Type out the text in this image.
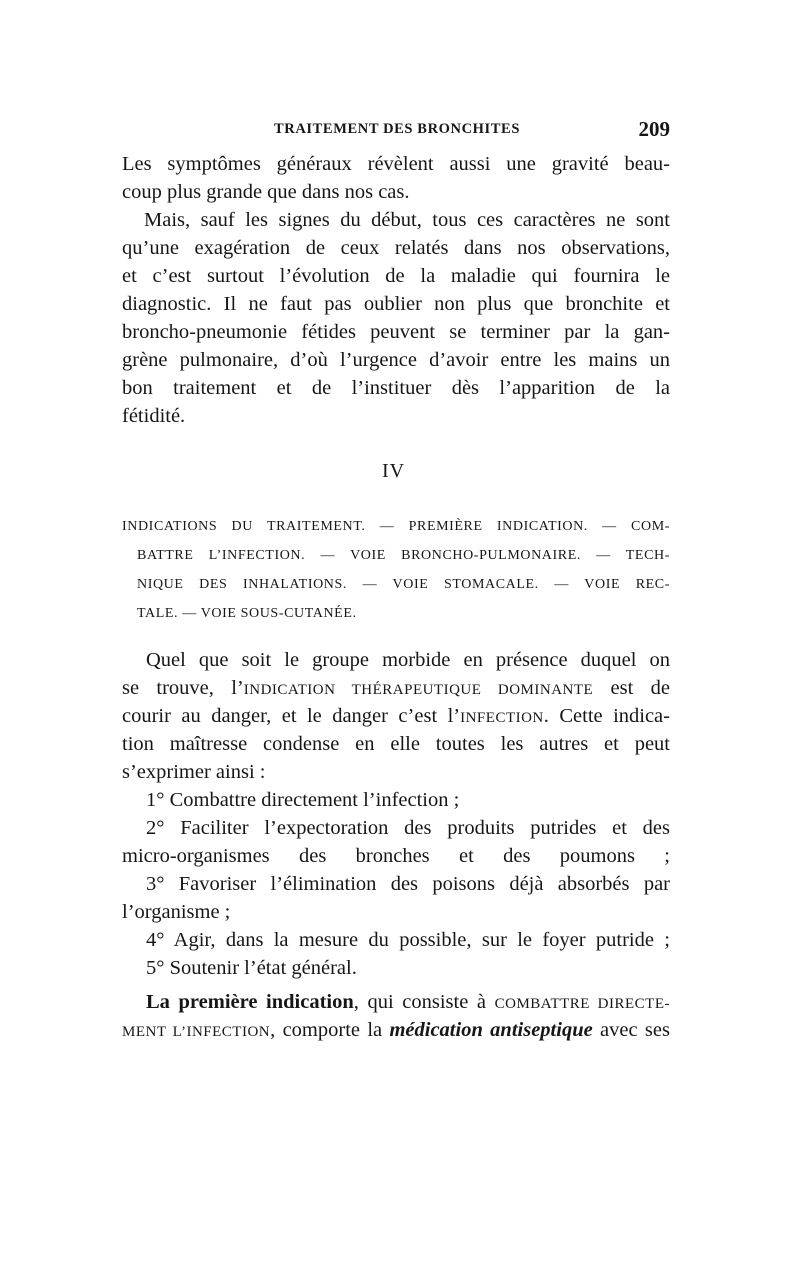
TRAITEMENT DES BRONCHITES	209
Les symptômes généraux révèlent aussi une gravité beau-
coup plus grande que dans nos cas.
Mais, sauf les signes du début, tous ces caractères ne sont
qu’une exagération de ceux relatés dans nos observations,
et c’est surtout l’évolution de la maladie qui fournira le
diagnostic. Il ne faut pas oublier non plus que bronchite et
broncho-pneumonie fétides peuvent se terminer par la gan-
grène pulmonaire, d’où l’urgence d’avoir entre les mains un
bon traitement et de l’instituer dès l’apparition de la
fétidité.
IV
INDICATIONS DU TRAITEMENT. — PREMIÈRE INDICATION. — COM-
BATTRE L’INFECTION. — VOIE BRONCHO-PULMONAIRE. — TECH-
NIQUE DES INHALATIONS. — VOIE STOMACALE. — VOIE REC-
TALE. — VOIE SOUS-CUTANÉE.
Quel que soit le groupe morbide en présence duquel on
se trouve, l’INDICATION THÉRAPEUTIQUE DOMINANTE est de
courir au danger, et le danger c’est l’INFECTION. Cette indica-
tion maîtresse condense en elle toutes les autres et peut
s’exprimer ainsi :
1° Combattre directement l’infection ;
2° Faciliter l’expectoration des produits putrides et des
micro-organismes des bronches et des poumons ;
3° Favoriser l’élimination des poisons déjà absorbés par
l’organisme ;
4° Agir, dans la mesure du possible, sur le foyer putride ;
5° Soutenir l’état général.
La première indication, qui consiste à COMBATTRE DIRECTE-
MENT L’INFECTION, comporte la médication antiseptique avec ses
